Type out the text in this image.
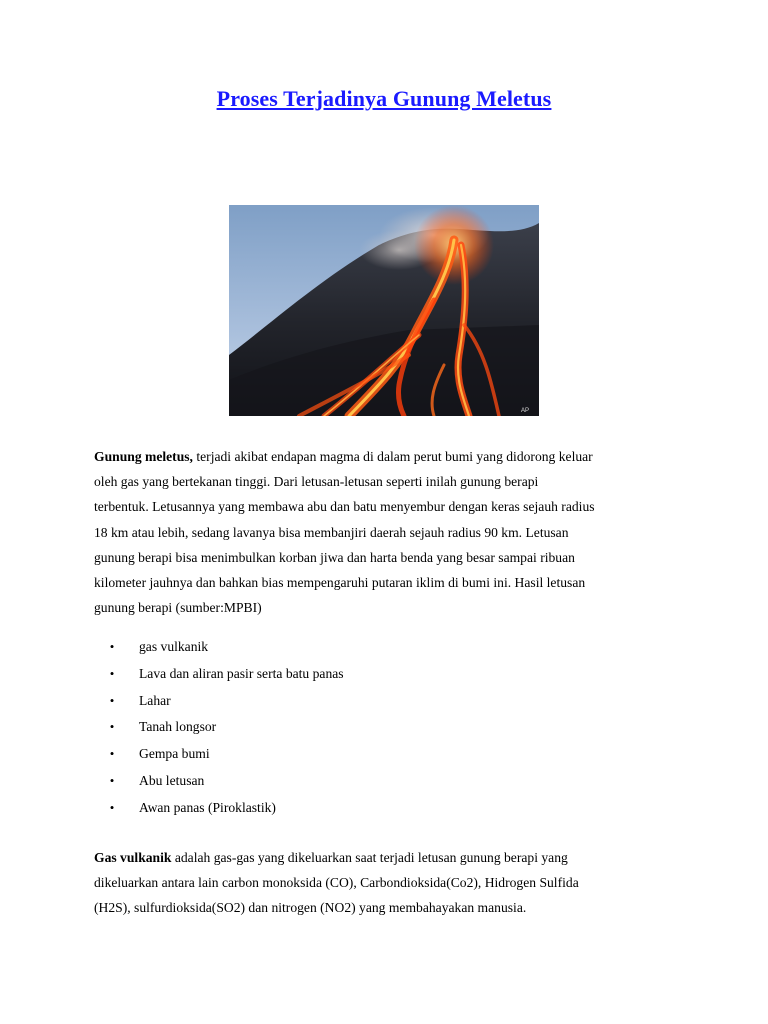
Proses Terjadinya Gunung Meletus
AP
Gunung meletus, terjadi akibat endapan magma di dalam perut bumi yang didorong keluar
oleh gas yang bertekanan tinggi. Dari letusan-letusan seperti inilah gunung berapi
terbentuk. Letusannya yang membawa abu dan batu menyembur dengan keras sejauh radius
18 km atau lebih, sedang lavanya bisa membanjiri daerah sejauh radius 90 km. Letusan
gunung berapi bisa menimbulkan korban jiwa dan harta benda yang besar sampai ribuan
kilometer jauhnya dan bahkan bias mempengaruhi putaran iklim di bumi ini. Hasil letusan
gunung berapi (sumber:MPBI)
• gas vulkanik
• Lava dan aliran pasir serta batu panas
• Lahar
• Tanah longsor
• Gempa bumi
• Abu letusan
• Awan panas (Piroklastik)
Gas vulkanik adalah gas-gas yang dikeluarkan saat terjadi letusan gunung berapi yang
dikeluarkan antara lain carbon monoksida (CO), Carbondioksida(Co2), Hidrogen Sulfida
(H2S), sulfurdioksida(SO2) dan nitrogen (NO2) yang membahayakan manusia.
